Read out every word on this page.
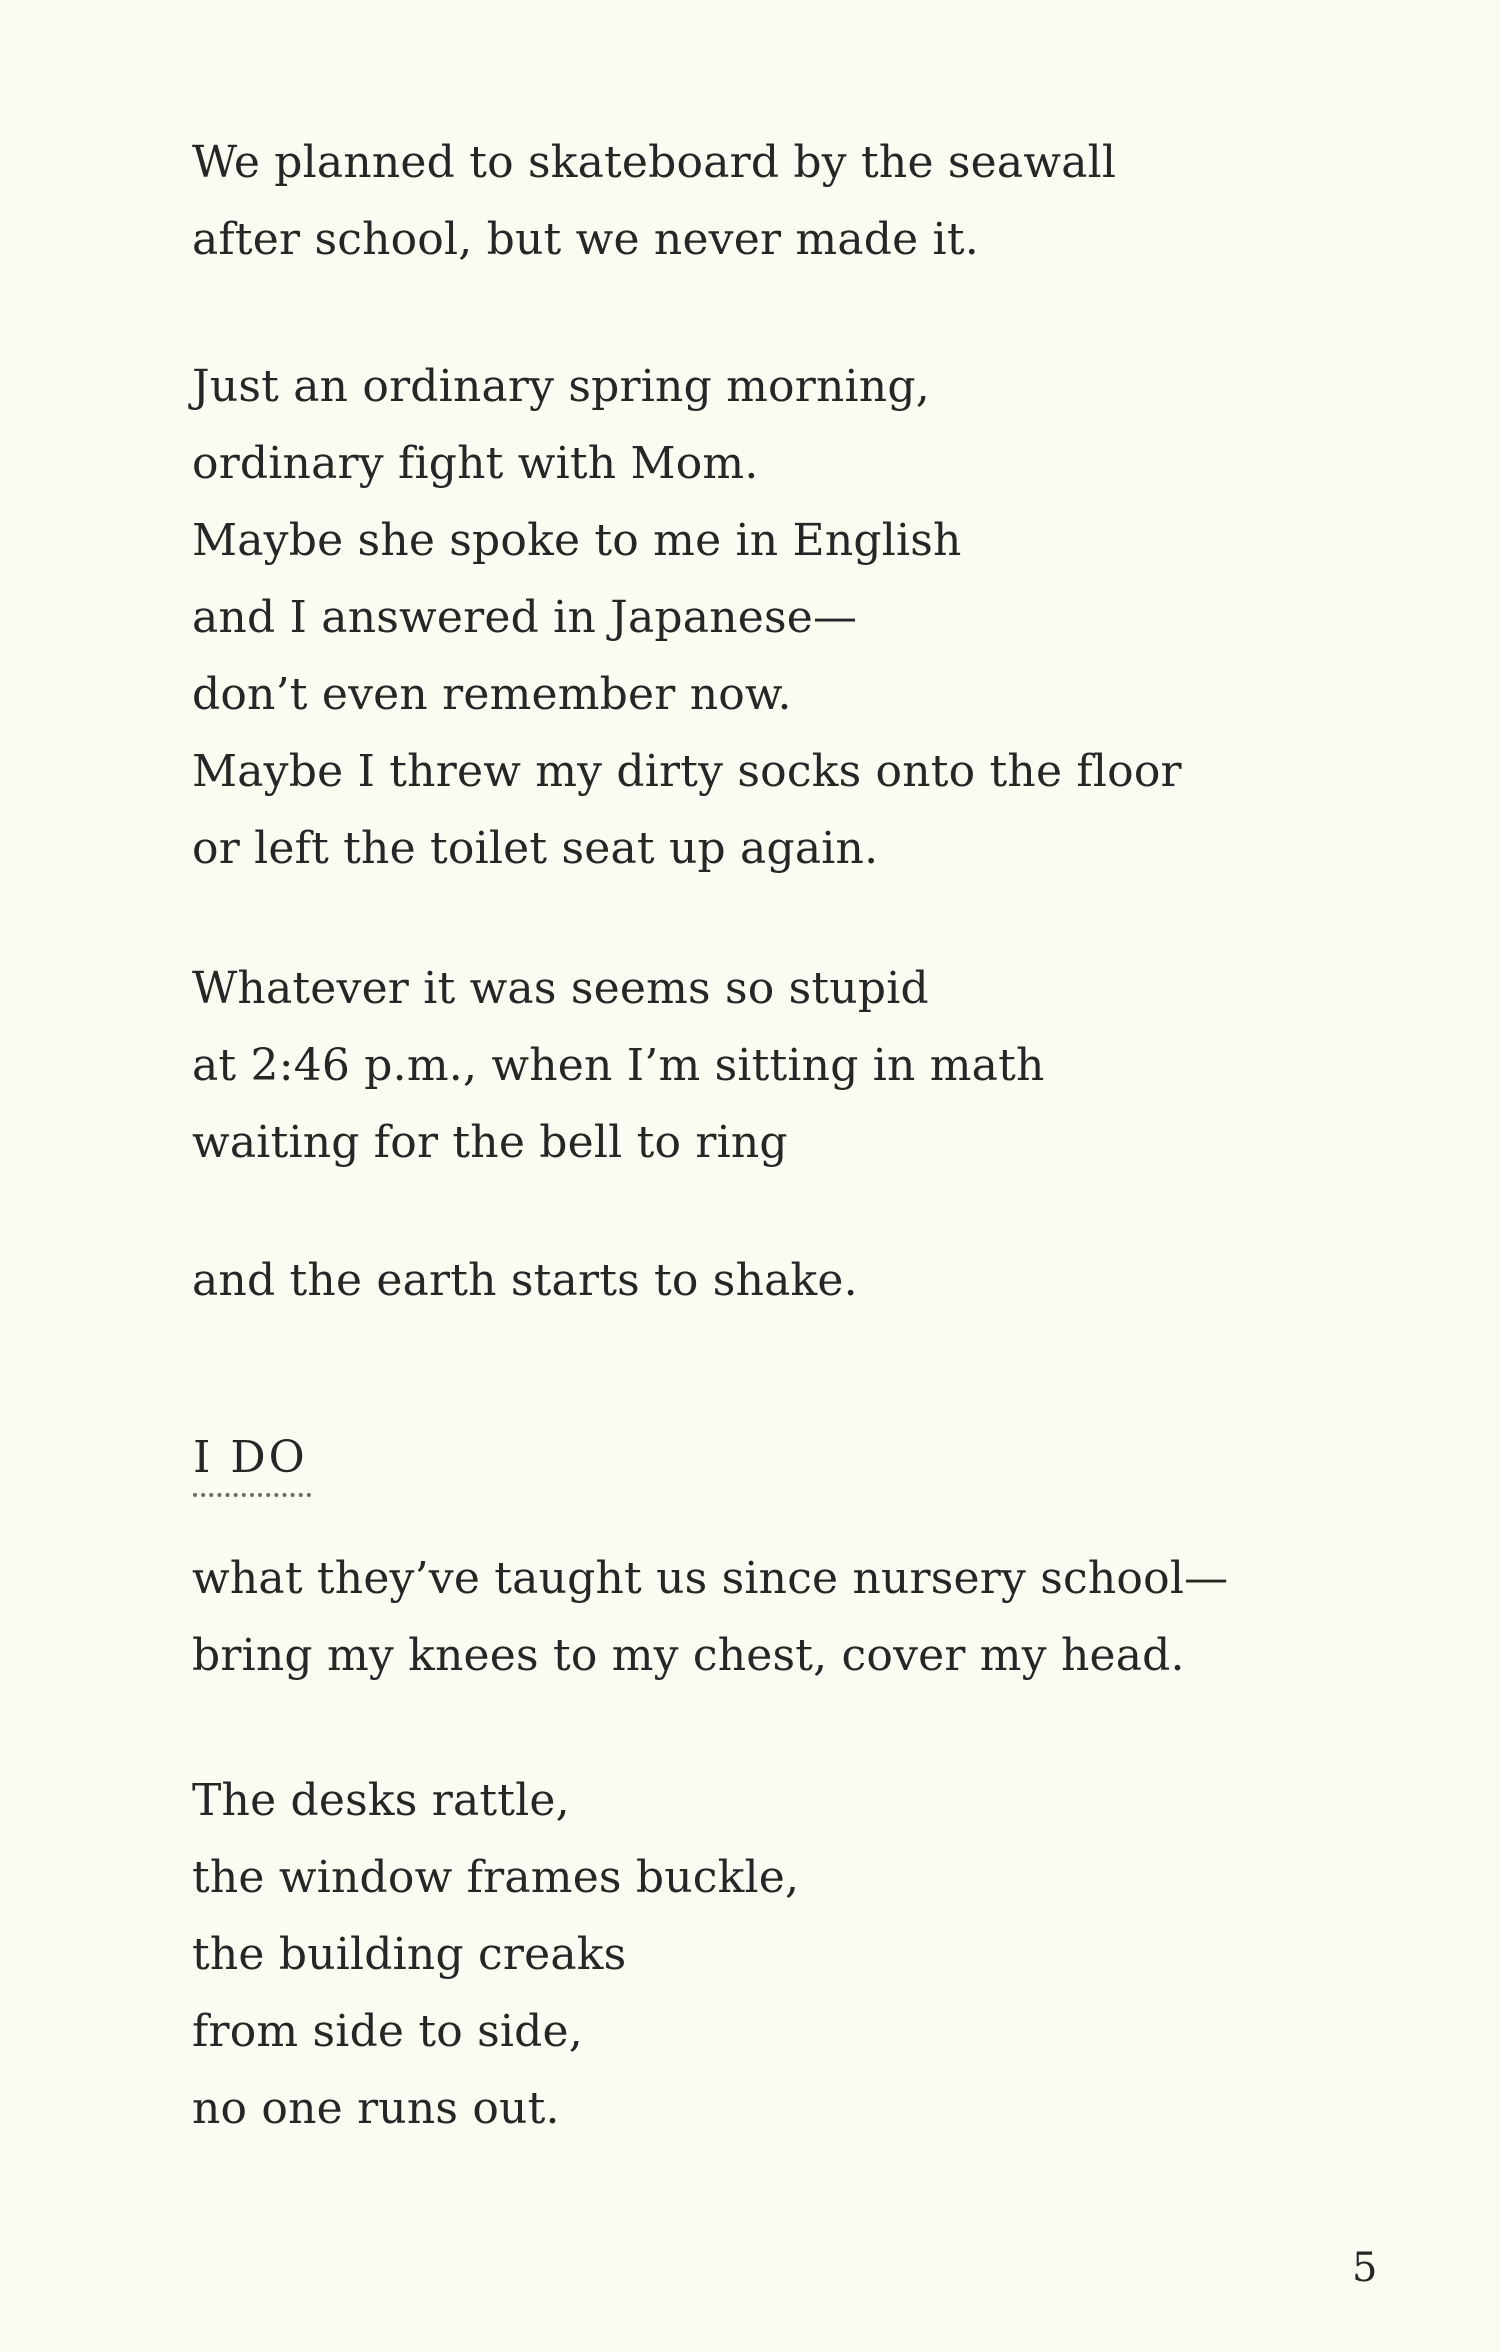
We planned to skateboard by the seawall
after school, but we never made it.
Just an ordinary spring morning,
ordinary fight with Mom.
Maybe she spoke to me in English
and I answered in Japanese—
don’t even remember now.
Maybe I threw my dirty socks onto the floor
or left the toilet seat up again.
Whatever it was seems so stupid
at 2:46 p.m., when I’m sitting in math
waiting for the bell to ring
and the earth starts to shake.
I DO
what they’ve taught us since nursery school—
bring my knees to my chest, cover my head.
The desks rattle,
the window frames buckle,
the building creaks
from side to side,
no one runs out.
5
